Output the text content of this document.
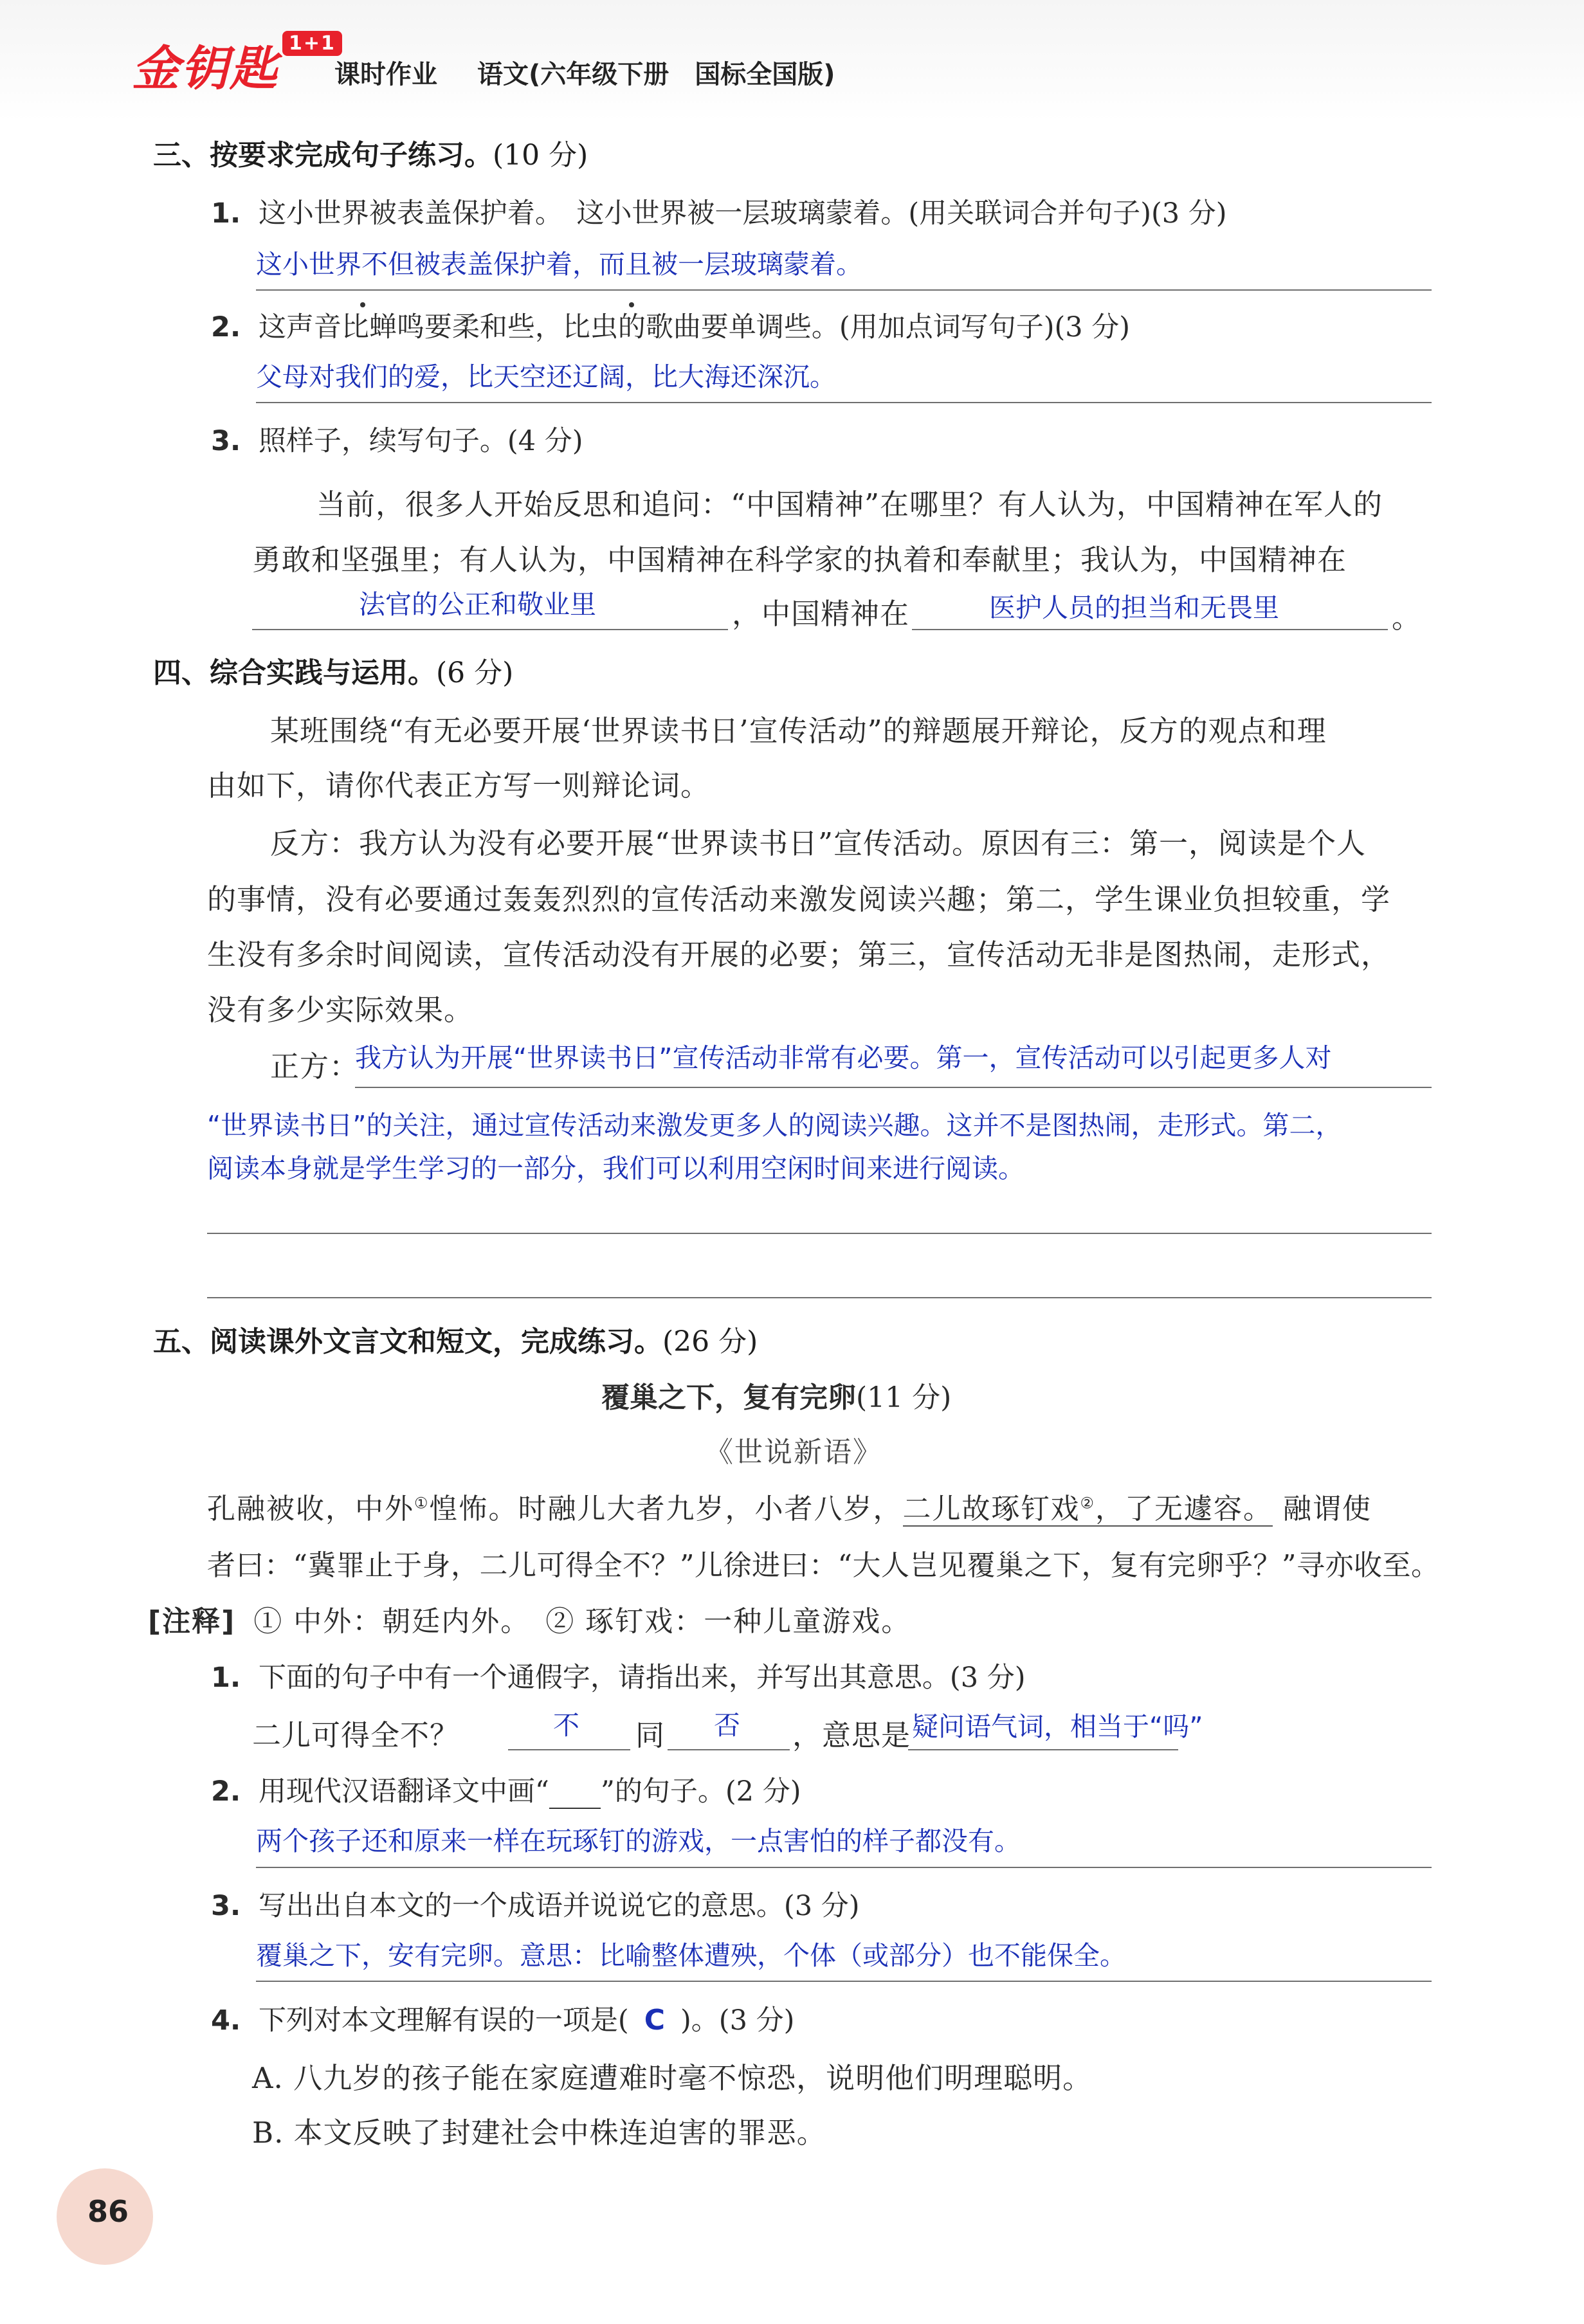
金钥匙 1+1
课时作业 语文(六年级下册　国标全国版)
三、按要求完成句子练习。(10 分)
1. 这小世界被表盖保护着。　这小世界被一层玻璃蒙着。(用关联词合并句子)(3 分)
这小世界不但被表盖保护着，而且被一层玻璃蒙着。
2. 这声音比蝉鸣要柔和些，比虫的歌曲要单调些。(用加点词写句子)(3 分)
父母对我们的爱，比天空还辽阔，比大海还深沉。
3. 照样子，续写句子。(4 分)
当前，很多人开始反思和追问：“中国精神”在哪里？有人认为，中国精神在军人的
勇敢和坚强里；有人认为，中国精神在科学家的执着和奉献里；我认为，中国精神在
法官的公正和敬业里	，中国精神在	医护人员的担当和无畏里	。
四、综合实践与运用。(6 分)
某班围绕“有无必要开展‘世界读书日’宣传活动”的辩题展开辩论，反方的观点和理
由如下，请你代表正方写一则辩论词。
反方：我方认为没有必要开展“世界读书日”宣传活动。原因有三：第一，阅读是个人
的事情，没有必要通过轰轰烈烈的宣传活动来激发阅读兴趣；第二，学生课业负担较重，学
生没有多余时间阅读，宣传活动没有开展的必要；第三，宣传活动无非是图热闹，走形式，
没有多少实际效果。
正方：
我方认为开展“世界读书日”宣传活动非常有必要。第一，宣传活动可以引起更多人对
“世界读书日”的关注，通过宣传活动来激发更多人的阅读兴趣。这并不是图热闹，走形式。第二，
阅读本身就是学生学习的一部分，我们可以利用空闲时间来进行阅读。
五、阅读课外文言文和短文，完成练习。(26 分)
覆巢之下，复有完卵(11 分)
《世说新语》
孔融被收，中外①惶怖。时融儿大者九岁，小者八岁，二儿故琢钉戏②，了无遽容。 融谓使
者曰：“冀罪止于身，二儿可得全不？”儿徐进曰：“大人岂见覆巢之下，复有完卵乎？”寻亦收至。
[注释] ① 中外：朝廷内外。　② 琢钉戏：一种儿童游戏。
1. 下面的句子中有一个通假字，请指出来，并写出其意思。(3 分)
二儿可得全不？	不 同 否 ，意思是 疑问语气词，相当于“吗”
2. 用现代汉语翻译文中画“ ”的句子。(2 分)
两个孩子还和原来一样在玩琢钉的游戏，一点害怕的样子都没有。
3. 写出出自本文的一个成语并说说它的意思。(3 分)
覆巢之下，安有完卵。意思：比喻整体遭殃，个体（或部分）也不能保全。
4. 下列对本文理解有误的一项是( C )。(3 分)
A. 八九岁的孩子能在家庭遭难时毫不惊恐，说明他们明理聪明。
B. 本文反映了封建社会中株连迫害的罪恶。
86
